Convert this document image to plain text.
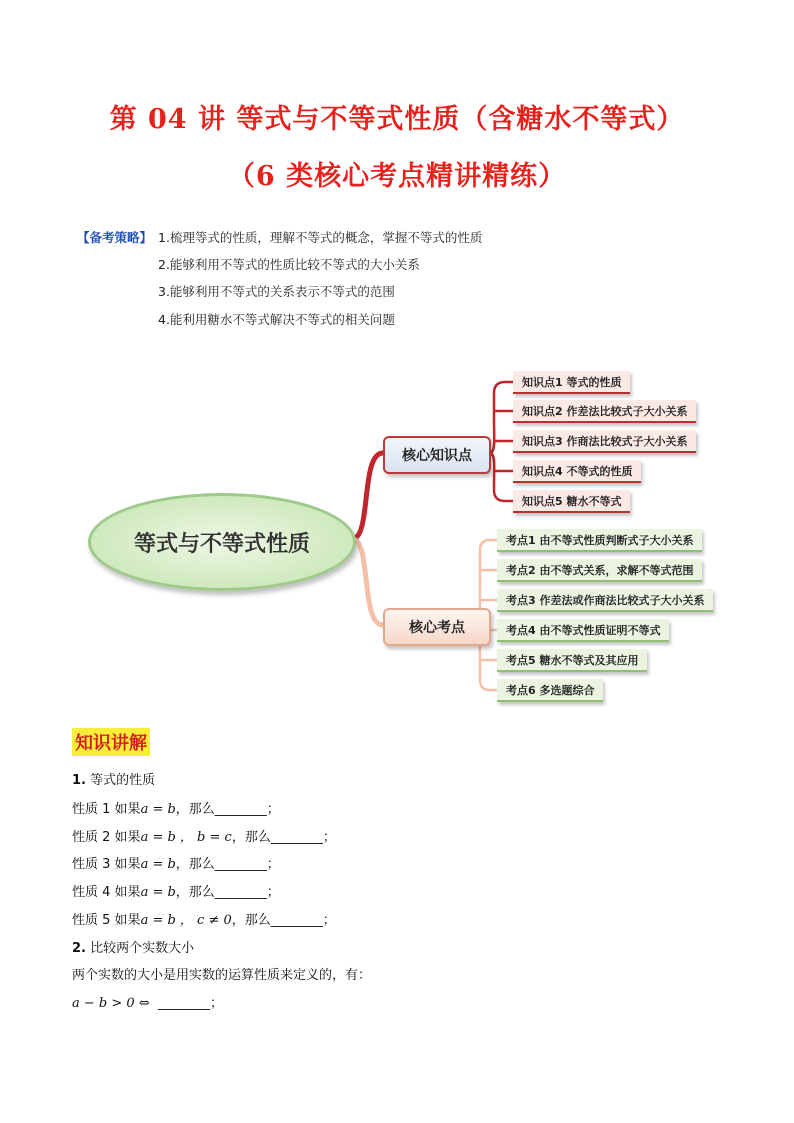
第 04 讲 等式与不等式性质（含糖水不等式）
（6 类核心考点精讲精练）
【备考策略】 1.梳理等式的性质，理解不等式的概念，掌握不等式的性质
2.能够利用不等式的性质比较不等式的大小关系
3.能够利用不等式的关系表示不等式的范围
4.能利用糖水不等式解决不等式的相关问题
等式与不等式性质
核心知识点
核心考点
知识点1 等式的性质
知识点2 作差法比较式子大小关系
知识点3 作商法比较式子大小关系
知识点4 不等式的性质
知识点5 糖水不等式
考点1 由不等式性质判断式子大小关系
考点2 由不等式关系，求解不等式范围
考点3 作差法或作商法比较式子大小关系
考点4 由不等式性质证明不等式
考点5 糖水不等式及其应用
考点6 多选题综合
知识讲解
1. 等式的性质
性质 1 如果a = b，那么________；
性质 2 如果a = b ， b = c，那么________；
性质 3 如果a = b，那么________；
性质 4 如果a = b，那么________；
性质 5 如果a = b ， c ≠ 0，那么________；
2. 比较两个实数大小
两个实数的大小是用实数的运算性质来定义的，有：
a − b > 0 ⇔ ________；
